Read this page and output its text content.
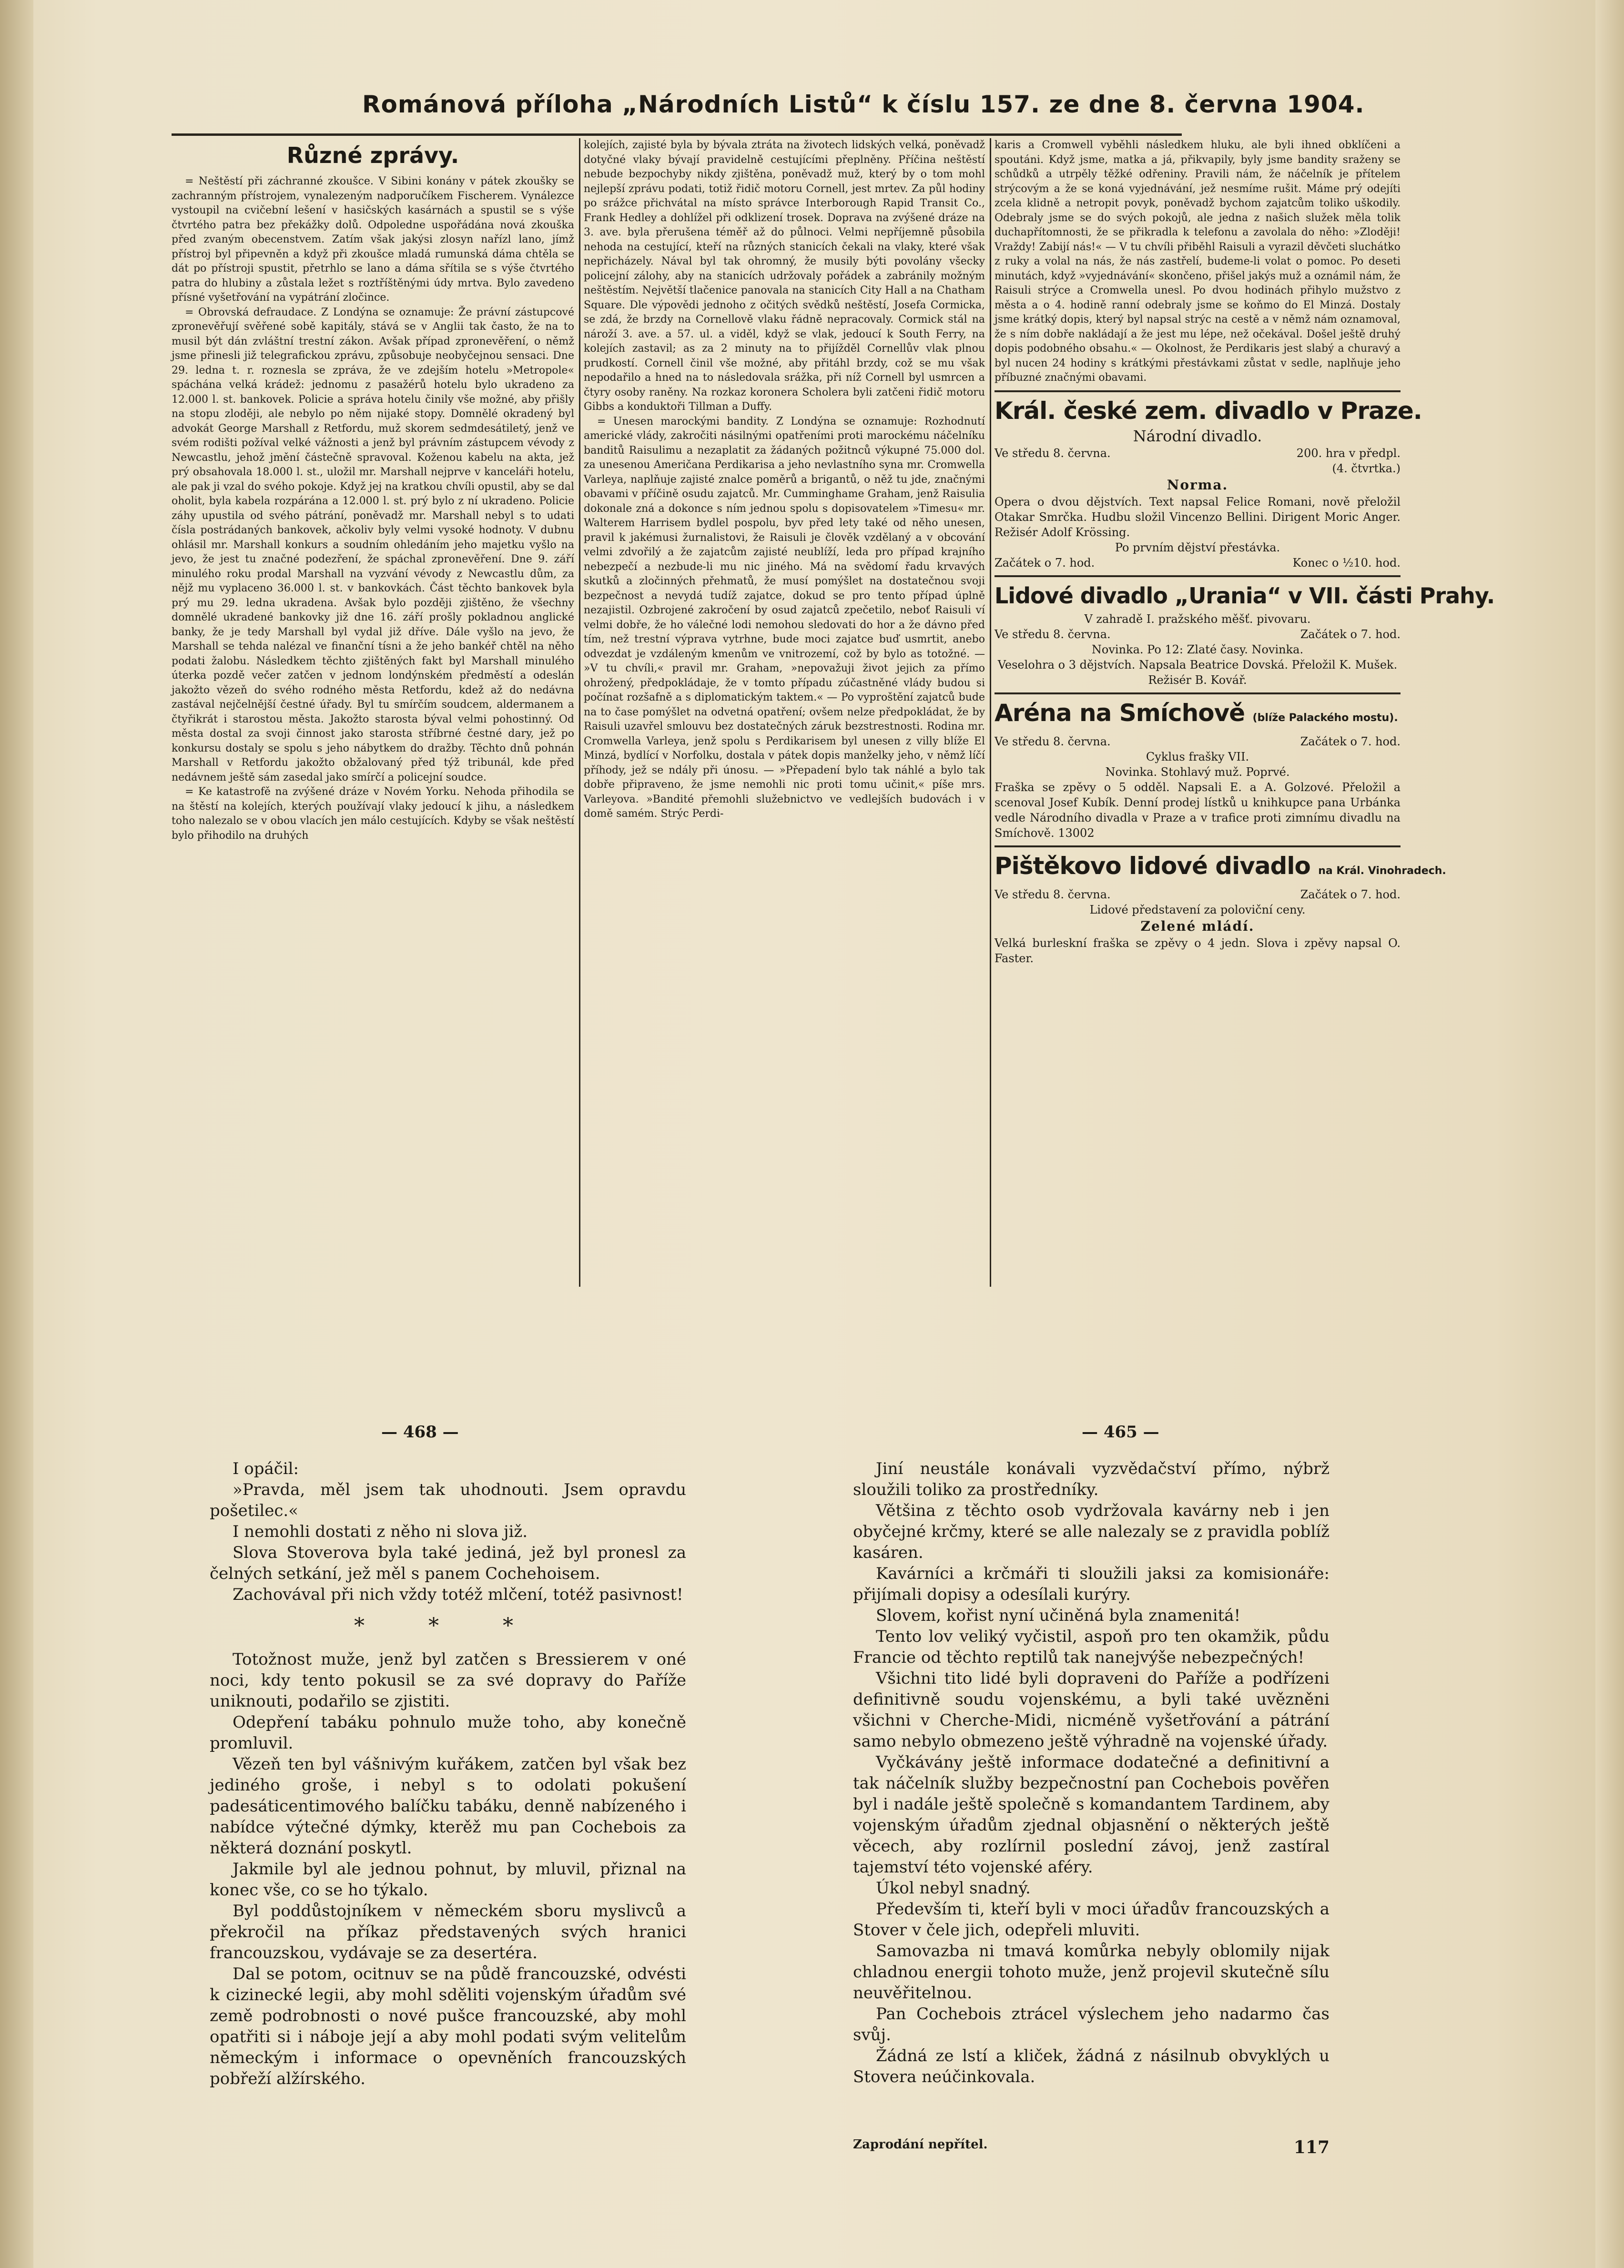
Románová příloha „Národních Listů“ k číslu 157. ze dne 8. června 1904.

Různé zprávy.

= Neštěstí při záchranné zkoušce. V Sibini konány v pátek zkoušky se zachranným přístrojem, vynalezeným nadporučíkem Fischerem. Vynálezce vystoupil na cvičební lešení v hasičských kasárnách a spustil se s výše čtvrtého patra bez překážky dolů. Odpoledne uspořádána nová zkouška před zvaným obecenstvem. Zatím však jakýsi zlosyn nařízl lano, jímž přístroj byl připevněn a když při zkoušce mladá rumunská dáma chtěla se dát po přístroji spustit, přetrhlo se lano a dáma sřítila se s výše čtvrtého patra do hlubiny a zůstala ležet s roztříštěnými údy mrtva. Bylo zavedeno přísné vyšetřování na vypátrání zločince.

= Obrovská defraudace. Z Londýna se oznamuje: Že právní zástupcové zpronevěřují svěřené sobě kapitály, stává se v Anglii tak často, že na to musil být dán zvláštní trestní zákon. Avšak případ zpronevěření, o němž jsme přinesli již telegrafickou zprávu, způsobuje neobyčejnou sensaci. Dne 29. ledna t. r. roznesla se zpráva, že ve zdejším hotelu »Metropole« spáchána velká krádež: jednomu z pasažérů hotelu bylo ukradeno za 12.000 l. st. bankovek. Policie a správa hotelu činily vše možné, aby přišly na stopu zloději, ale nebylo po něm nijaké stopy. Domnělé okradený byl advokát George Marshall z Retfordu, muž skorem sedmdesátiletý, jenž ve svém rodišti požíval velké vážnosti a jenž byl právním zástupcem vévody z Newcastlu, jehož jmění částečně spravoval. Koženou kabelu na akta, jež prý obsahovala 18.000 l. st., uložil mr. Marshall nejprve v kanceláři hotelu, ale pak ji vzal do svého pokoje. Když jej na kratkou chvíli opustil, aby se dal oholit, byla kabela rozpárána a 12.000 l. st. prý bylo z ní ukradeno. Policie záhy upustila od svého pátrání, poněvadž mr. Marshall nebyl s to udati čísla postrádaných bankovek, ačkoliv byly velmi vysoké hodnoty. V dubnu ohlásil mr. Marshall konkurs a soudním ohledáním jeho majetku vyšlo na jevo, že jest tu značné podezření, že spáchal zpronevěření. Dne 9. září minulého roku prodal Marshall na vyzvání vévody z Newcastlu dům, za nějž mu vyplaceno 36.000 l. st. v bankovkách. Část těchto bankovek byla prý mu 29. ledna ukradena. Avšak bylo později zjištěno, že všechny domnělé ukradené bankovky již dne 16. září prošly pokladnou anglické banky, že je tedy Marshall byl vydal již dříve. Dále vyšlo na jevo, že Marshall se tehda nalézal ve finanční tísni a že jeho bankéř chtěl na něho podati žalobu. Následkem těchto zjištěných fakt byl Marshall minulého úterka pozdě večer zatčen v jednom londýnském předměstí a odeslán jakožto vězeň do svého rodného města Retfordu, kdež až do nedávna zastával nejčelnější čestné úřady. Byl tu smírčím soudcem, aldermanem a čtyřikrát i starostou města. Jakožto starosta býval velmi pohostinný. Od města dostal za svoji činnost jako starosta stříbrné čestné dary, jež po konkursu dostaly se spolu s jeho nábytkem do dražby. Těchto dnů pohnán Marshall v Retfordu jakožto obžalovaný před týž tribunál, kde před nedávnem ještě sám zasedal jako smírčí a policejní soudce.

= Ke katastrofě na zvýšené dráze v Novém Yorku. Nehoda přihodila se na štěstí na kolejích, kterých používají vlaky jedoucí k jihu, a následkem toho nalezalo se v obou vlacích jen málo cestujících. Kdyby se však neštěstí bylo přihodilo na druhých

kolejích, zajisté byla by bývala ztráta na životech lidských velká, poněvadž dotyčné vlaky bývají pravidelně cestujícími přeplněny. Příčina neštěstí nebude bezpochyby nikdy zjištěna, poněvadž muž, který by o tom mohl nejlepší zprávu podati, totiž řidič motoru Cornell, jest mrtev. Za půl hodiny po srážce přichvátal na místo správce Interborough Rapid Transit Co., Frank Hedley a dohlížel při odklizení trosek. Doprava na zvýšené dráze na 3. ave. byla přerušena téměř až do půlnoci. Velmi nepříjemně působila nehoda na cestující, kteří na různých stanicích čekali na vlaky, které však nepřicházely. Nával byl tak ohromný, že musily býti povolány všecky policejní zálohy, aby na stanicích udržovaly pořádek a zabránily možným neštěstím. Největší tlačenice panovala na stanicích City Hall a na Chatham Square. Dle výpovědi jednoho z očitých svědků neštěstí, Josefa Cormicka, se zdá, že brzdy na Cornellově vlaku řádně nepracovaly. Cormick stál na nároží 3. ave. a 57. ul. a viděl, když se vlak, jedoucí k South Ferry, na kolejích zastavil; as za 2 minuty na to přijížděl Cornellův vlak plnou prudkostí. Cornell činil vše možné, aby přitáhl brzdy, což se mu však nepodařilo a hned na to následovala srážka, při níž Cornell byl usmrcen a čtyry osoby raněny. Na rozkaz koronera Scholera byli zatčeni řidič motoru Gibbs a konduktoři Tillman a Duffy.

= Unesen marockými bandity. Z Londýna se oznamuje: Rozhodnutí americké vlády, zakročiti násilnými opatřeními proti marockému náčelníku banditů Raisulimu a nezaplatit za žádaných požitnců výkupné 75.000 dol. za unesenou Američana Perdikarisa a jeho nevlastního syna mr. Cromwella Varleya, naplňuje zajisté znalce poměrů a brigantů, o něž tu jde, značnými obavami v příčině osudu zajatců. Mr. Cumminghame Graham, jenž Raisulia dokonale zná a dokonce s ním jednou spolu s dopisovatelem »Timesu« mr. Walterem Harrisem bydlel pospolu, byv před lety také od něho unesen, pravil k jakémusi žurnalistovi, že Raisuli je člověk vzdělaný a v obcování velmi zdvořilý a že zajatcům zajisté neublíží, leda pro případ krajního nebezpečí a nezbude-li mu nic jiného. Má na svědomí řadu krvavých skutků a zločinných přehmatů, že musí pomýšlet na dostatečnou svoji bezpečnost a nevydá tudíž zajatce, dokud se pro tento případ úplně nezajistil. Ozbrojené zakročení by osud zajatců zpečetilo, neboť Raisuli ví velmi dobře, že ho válečné lodi nemohou sledovati do hor a že dávno před tím, než trestní výprava vytrhne, bude moci zajatce buď usmrtit, anebo odvezdat je vzdáleným kmenům ve vnitrozemí, což by bylo as totožné. — »V tu chvíli,« pravil mr. Graham, »nepovažuji život jejich za přímo ohrožený, předpokládaje, že v tomto případu zúčastněné vlády budou si počínat rozšafně a s diplomatickým taktem.« — Po vyproštění zajatců bude na to čase pomýšlet na odvetná opatření; ovšem nelze předpokládat, že by Raisuli uzavřel smlouvu bez dostatečných záruk bezstrestnosti. Rodina mr. Cromwella Varleya, jenž spolu s Perdikarisem byl unesen z villy blíže El Minzá, bydlící v Norfolku, dostala v pátek dopis manželky jeho, v němž líčí příhody, jež se ndály při únosu. — »Přepadení bylo tak náhlé a bylo tak dobře připraveno, že jsme nemohli nic proti tomu učinit,« píše mrs. Varleyova. »Bandité přemohli služebnictvo ve vedlejších budovách i v domě samém. Strýc Perdi-

karis a Cromwell vyběhli následkem hluku, ale byli ihned obklíčeni a spoutáni. Když jsme, matka a já, přikvapily, byly jsme bandity sraženy se schůdků a utrpěly těžké odřeniny. Pravili nám, že náčelník je přítelem strýcovým a že se koná vyjednávání, jež nesmíme rušit. Máme prý odejíti zcela klidně a netropit povyk, poněvadž bychom zajatcům toliko uškodily. Odebraly jsme se do svých pokojů, ale jedna z našich služek měla tolik duchapřítomnosti, že se přikradla k telefonu a zavolala do něho: »Zloději! Vraždy! Zabijí nás!« — V tu chvíli přiběhl Raisuli a vyrazil děvčeti sluchátko z ruky a volal na nás, že nás zastřelí, budeme-li volat o pomoc. Po deseti minutách, když »vyjednávání« skončeno, přišel jakýs muž a oznámil nám, že Raisuli strýce a Cromwella unesl. Po dvou hodinách přihylo mužstvo z města a o 4. hodině ranní odebraly jsme se koňmo do El Minzá. Dostaly jsme krátký dopis, který byl napsal strýc na cestě a v němž nám oznamoval, že s ním dobře nakládají a že jest mu lépe, než očekával. Došel ještě druhý dopis podobného obsahu.« — Okolnost, že Perdikaris jest slabý a churavý a byl nucen 24 hodiny s krátkými přestávkami zůstat v sedle, naplňuje jeho příbuzné značnými obavami.

Král. české zem. divadlo v Praze.
Národní divadlo.
Ve středu 8. června.	200. hra v předpl.
(4. čtvrtka.)
Norma.
Opera o dvou dějstvích. Text napsal Felice Romani, nově přeložil Otakar Smrčka. Hudbu složil Vincenzo Bellini. Dirigent Moric Anger. Režisér Adolf Krössing.
Po prvním dějství přestávka.
Začátek o 7. hod.	Konec o ½10. hod.
Lidové divadlo „Urania“ v VII. části Prahy.
V zahradě I. pražského měšť. pivovaru.
Ve středu 8. června.	Začátek o 7. hod.
Novinka. Po 12: Zlaté časy. Novinka.
Veselohra o 3 dějstvích. Napsala Beatrice Dovská. Přeložil K. Mušek. Režisér B. Kovář.
Aréna na Smíchově (blíže Palackého mostu).
Ve středu 8. června.	Začátek o 7. hod.
Cyklus frašky VII.
Novinka. Stohlavý muž. Poprvé.
Fraška se zpěvy o 5 odděl. Napsali E. a A. Golzové. Přeložil a scenoval Josef Kubík. Denní prodej lístků u knihkupce pana Urbánka vedle Národního divadla v Praze a v trafice proti zimnímu divadlu na Smíchově. 13002
Pištěkovo lidové divadlo na Král. Vinohradech.
Ve středu 8. června.	Začátek o 7. hod.
Lidové představení za poloviční ceny.
Zelené mládí.
Velká burleskní fraška se zpěvy o 4 jedn. Slova i zpěvy napsal O. Faster.
— 468 —	— 465 —

I opáčil:

»Pravda, měl jsem tak uhodnouti. Jsem opravdu pošetilec.«

I nemohli dostati z něho ni slova již.

Slova Stoverova byla také jediná, jež byl pronesl za čelných setkání, jež měl s panem Cochehoisem.

Zachovával při nich vždy totéž mlčení, totéž pasivnost!

* * *

Totožnost muže, jenž byl zatčen s Bressierem v oné noci, kdy tento pokusil se za své dopravy do Paříže uniknouti, podařilo se zjistiti.

Odepření tabáku pohnulo muže toho, aby konečně promluvil.

Vězeň ten byl vášnivým kuřákem, zatčen byl však bez jediného groše, i nebyl s to odolati pokušení padesáticentimového balíčku tabáku, denně nabízeného i nabídce výtečné dýmky, kterěž mu pan Cochebois za některá doznání poskytl.

Jakmile byl ale jednou pohnut, by mluvil, přiznal na konec vše, co se ho týkalo.

Byl poddůstojníkem v německém sboru myslivců a překročil na příkaz představených svých hranici francouzskou, vydávaje se za desertéra.

Dal se potom, ocitnuv se na půdě francouzské, odvésti k cizinecké legii, aby mohl sděliti vojenským úřadům své země podrobnosti o nové pušce francouzské, aby mohl opatřiti si i náboje její a aby mohl podati svým velitelům německým i informace o opevněních francouzských pobřeží alžírského.

Jiní neustále konávali vyzvědačství přímo, nýbrž sloužili toliko za prostředníky.

Většina z těchto osob vydržovala kavárny neb i jen obyčejné krčmy, které se alle nalezaly se z pravidla poblíž kasáren.

Kavárníci a krčmáři ti sloužili jaksi za komisionáře: přijímali dopisy a odesílali kurýry.

Slovem, kořist nyní učiněná byla znamenitá!

Tento lov veliký vyčistil, aspoň pro ten okamžik, půdu Francie od těchto reptilů tak nanejvýše nebezpečných!

Všichni tito lidé byli dopraveni do Paříže a podřízeni definitivně soudu vojenskému, a byli také uvězněni všichni v Cherche-Midi, nicméně vyšetřování a pátrání samo nebylo obmezeno ještě výhradně na vojenské úřady.

Vyčkávány ještě informace dodatečné a definitivní a tak náčelník služby bezpečnostní pan Cochebois pověřen byl i nadále ještě společně s komandantem Tardinem, aby vojenským úřadům zjednal objasnění o některých ještě věcech, aby rozlírnil poslední závoj, jenž zastíral tajemství této vojenské aféry.

Úkol nebyl snadný.

Především ti, kteří byli v moci úřadův francouzských a Stover v čele jich, odepřeli mluviti.

Samovazba ni tmavá komůrka nebyly oblomily nijak chladnou energii tohoto muže, jenž projevil skutečně sílu neuvěřitelnou.

Pan Cochebois ztrácel výslechem jeho nadarmo čas svůj.

Žádná ze lstí a kliček, žádná z násilnub obvyklých u Stovera neúčinkovala.

Zaprodání nepřítel.	117
